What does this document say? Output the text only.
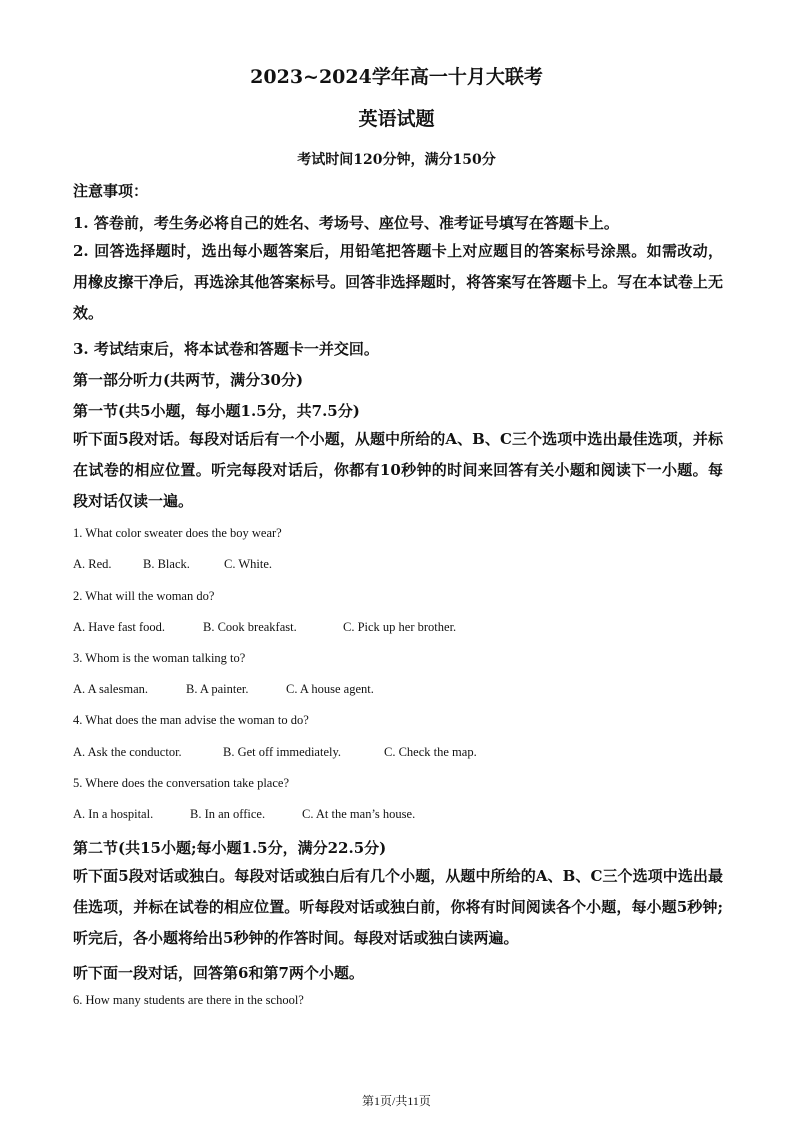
2023~2024学年高一十月大联考
英语试题
考试时间120分钟，满分150分
注意事项：
1. 答卷前，考生务必将自己的姓名、考场号、座位号、准考证号填写在答题卡上。
2. 回答选择题时，选出每小题答案后，用铅笔把答题卡上对应题目的答案标号涂黑。如需改动，用橡皮擦干净后，再选涂其他答案标号。回答非选择题时，将答案写在答题卡上。写在本试卷上无效。
3. 考试结束后，将本试卷和答题卡一并交回。
第一部分听力(共两节，满分30分)
第一节(共5小题，每小题1.5分，共7.5分)
听下面5段对话。每段对话后有一个小题，从题中所给的A、B、C三个选项中选出最佳选项，并标在试卷的相应位置。听完每段对话后，你都有10秒钟的时间来回答有关小题和阅读下一小题。每段对话仅读一遍。
1. What color sweater does the boy wear?
A. Red.	B. Black.	C. White.
2. What will the woman do?
A. Have fast food.	B. Cook breakfast.	C. Pick up her brother.
3. Whom is the woman talking to?
A. A salesman.	B. A painter.	C. A house agent.
4. What does the man advise the woman to do?
A. Ask the conductor.	B. Get off immediately.	C. Check the map.
5. Where does the conversation take place?
A. In a hospital.	B. In an office.	C. At the man’s house.
第二节(共15小题;每小题1.5分，满分22.5分)
听下面5段对话或独白。每段对话或独白后有几个小题，从题中所给的A、B、C三个选项中选出最佳选项，并标在试卷的相应位置。听每段对话或独白前，你将有时间阅读各个小题，每小题5秒钟;听完后，各小题将给出5秒钟的作答时间。每段对话或独白读两遍。
听下面一段对话，回答第6和第7两个小题。
6. How many students are there in the school?
第1页/共11页
